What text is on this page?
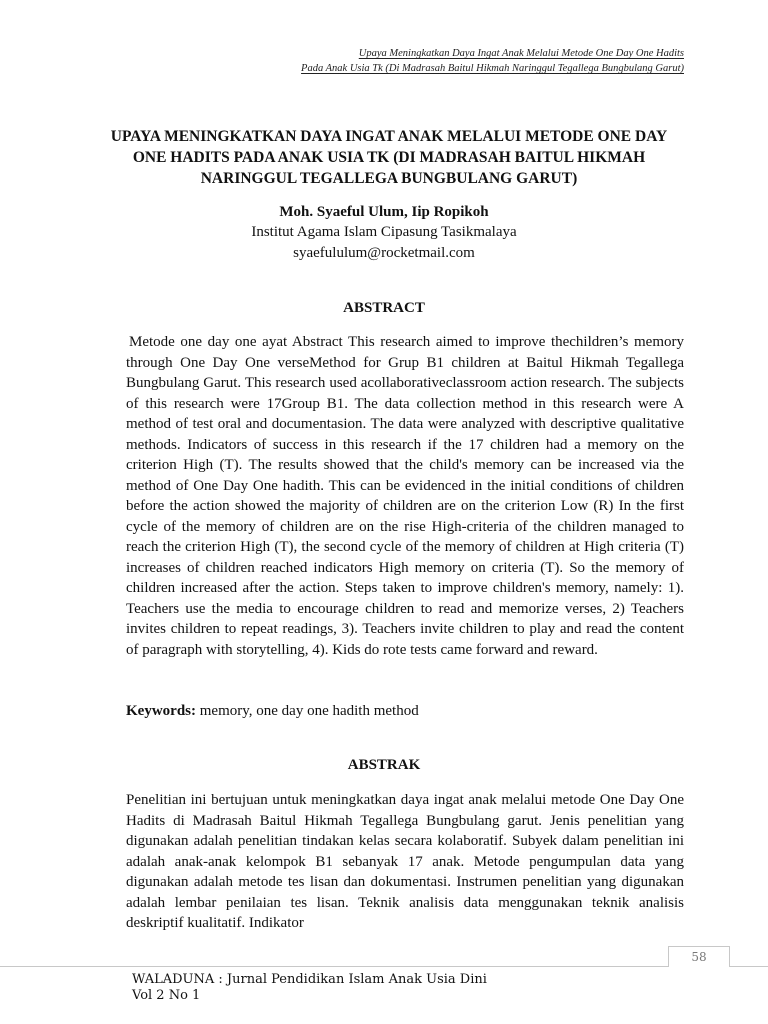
Upaya Meningkatkan Daya Ingat Anak Melalui Metode One Day One Hadits
Pada Anak Usia Tk (Di Madrasah Baitul Hikmah Naringgul Tegallega Bungbulang Garut)
UPAYA MENINGKATKAN DAYA INGAT ANAK MELALUI METODE ONE DAY ONE HADITS PADA ANAK USIA TK (DI MADRASAH BAITUL HIKMAH NARINGGUL TEGALLEGA BUNGBULANG GARUT)
Moh. Syaeful Ulum, Iip Ropikoh
Institut Agama Islam Cipasung Tasikmalaya
syaefululum@rocketmail.com
ABSTRACT

Metode one day one ayat Abstract This research aimed to improve thechildren’s memory through One Day One verseMethod for Grup B1 children at Baitul Hikmah Tegallega Bungbulang Garut. This research used acollaborativeclassroom action research. The subjects of this research were 17Group B1. The data collection method in this research were A method of test oral and documentasion. The data were analyzed with descriptive qualitative methods. Indicators of success in this research if the 17 children had a memory on the criterion High (T). The results showed that the child's memory can be increased via the method of One Day One hadith. This can be evidenced in the initial conditions of children before the action showed the majority of children are on the criterion Low (R) In the first cycle of the memory of children are on the rise High-criteria of the children managed to reach the criterion High (T), the second cycle of the memory of children at High criteria (T) increases of children reached indicators High memory on criteria (T). So the memory of children increased after the action. Steps taken to improve children's memory, namely: 1). Teachers use the media to encourage children to read and memorize verses, 2) Teachers invites children to repeat readings, 3). Teachers invite children to play and read the content of paragraph with storytelling, 4). Kids do rote tests came forward and reward.

Keywords: memory, one day one hadith method

ABSTRAK

Penelitian ini bertujuan untuk meningkatkan daya ingat anak melalui metode One Day One Hadits di Madrasah Baitul Hikmah Tegallega Bungbulang garut. Jenis penelitian yang digunakan adalah penelitian tindakan kelas secara kolaboratif. Subyek dalam penelitian ini adalah anak-anak kelompok B1 sebanyak 17 anak. Metode pengumpulan data yang digunakan adalah metode tes lisan dan dokumentasi. Instrumen penelitian yang digunakan adalah lembar penilaian tes lisan. Teknik analisis data menggunakan teknik analisis deskriptif kualitatif. Indikator

58
WALADUNA : Jurnal Pendidikan Islam Anak Usia Dini
Vol 2 No 1
